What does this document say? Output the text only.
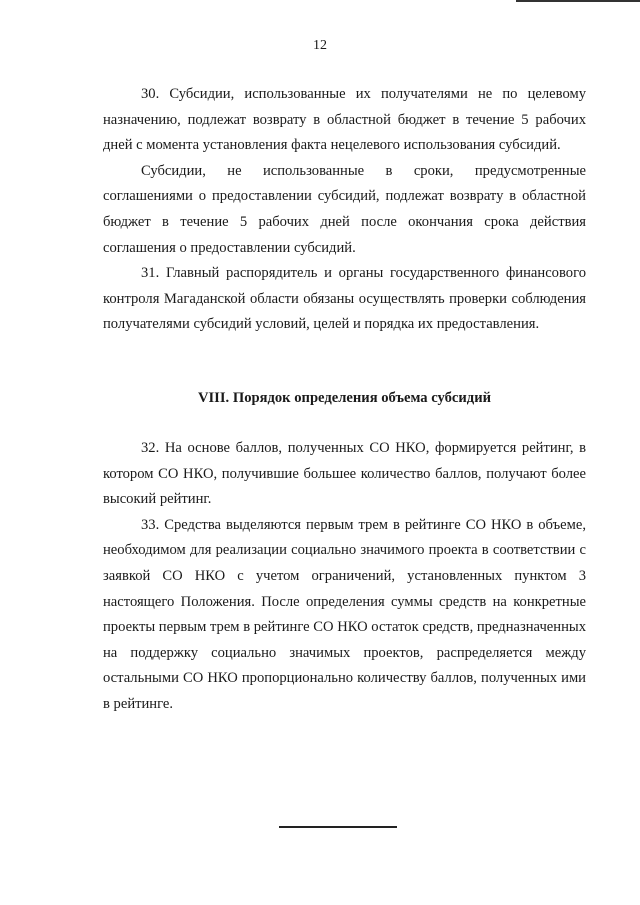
12

30. Субсидии, использованные их получателями не по целевому назначению, подлежат возврату в областной бюджет в течение 5 рабочих дней с момента установления факта нецелевого использования субсидий.

Субсидии, не использованные в сроки, предусмотренные соглашениями о предоставлении субсидий, подлежат возврату в областной бюджет в течение 5 рабочих дней после окончания срока действия соглашения о предоставлении субсидий.

31. Главный распорядитель и органы государственного финансового контроля Магаданской области обязаны осуществлять проверки соблюдения получателями субсидий условий, целей и порядка их предоставления.

VIII. Порядок определения объема субсидий

32. На основе баллов, полученных СО НКО, формируется рейтинг, в котором СО НКО, получившие большее количество баллов, получают более высокий рейтинг.

33. Средства выделяются первым трем в рейтинге СО НКО в объеме, необходимом для реализации социально значимого проекта в соответствии с заявкой СО НКО с учетом ограничений, установленных пунктом 3 настоящего Положения. После определения суммы средств на конкретные проекты первым трем в рейтинге СО НКО остаток средств, предназначенных на поддержку социально значимых проектов, распределяется между остальными СО НКО пропорционально количеству баллов, полученных ими в рейтинге.
